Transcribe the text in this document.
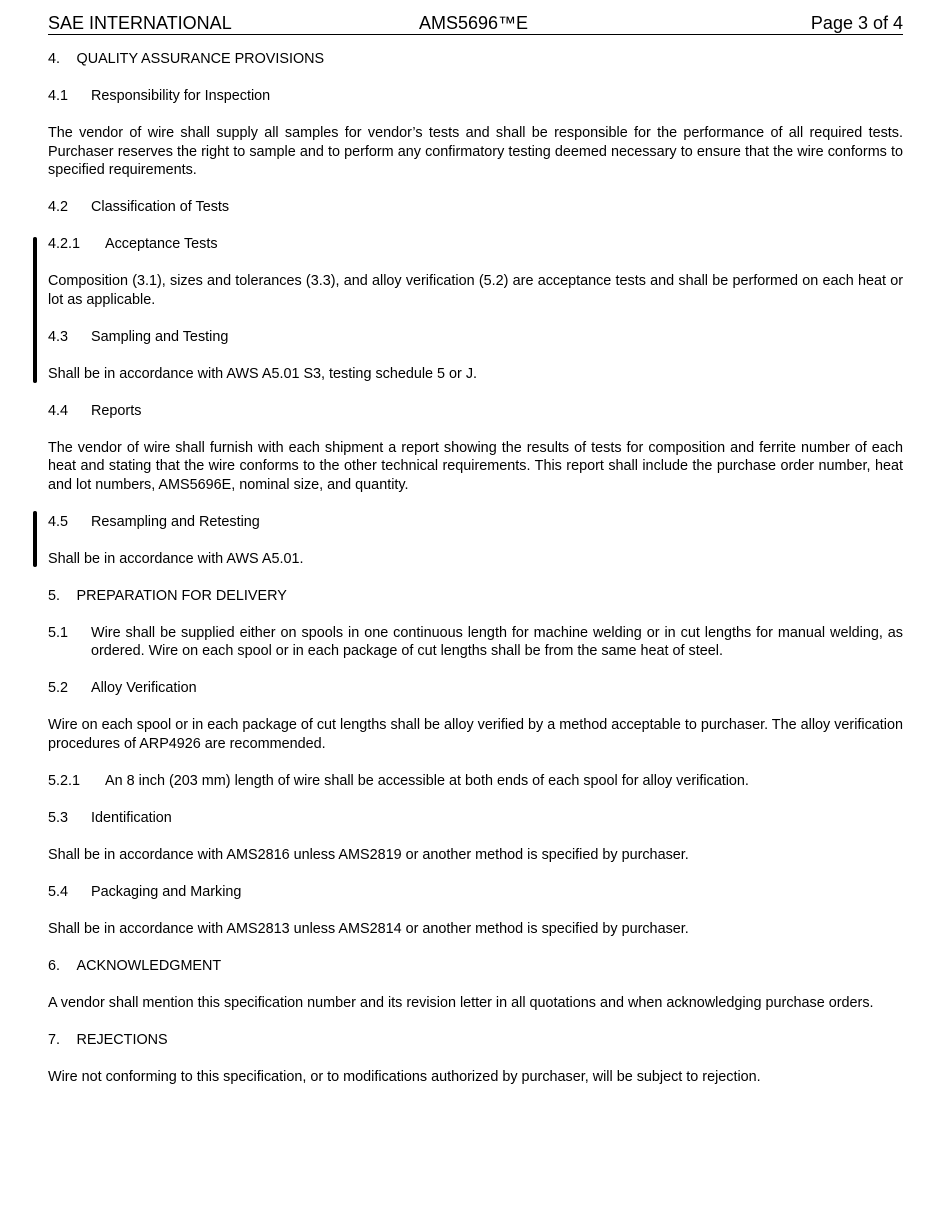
SAE INTERNATIONAL	AMS5696™E	Page 3 of 4
4. QUALITY ASSURANCE PROVISIONS
4.1 Responsibility for Inspection

The vendor of wire shall supply all samples for vendor’s tests and shall be responsible for the performance of all required tests. Purchaser reserves the right to sample and to perform any confirmatory testing deemed necessary to ensure that the wire conforms to specified requirements.

4.2 Classification of Tests
4.2.1 Acceptance Tests

Composition (3.1), sizes and tolerances (3.3), and alloy verification (5.2) are acceptance tests and shall be performed on each heat or lot as applicable.

4.3 Sampling and Testing

Shall be in accordance with AWS A5.01 S3, testing schedule 5 or J.

4.4 Reports

The vendor of wire shall furnish with each shipment a report showing the results of tests for composition and ferrite number of each heat and stating that the wire conforms to the other technical requirements. This report shall include the purchase order number, heat and lot numbers, AMS5696E, nominal size, and quantity.

4.5 Resampling and Retesting

Shall be in accordance with AWS A5.01.

5. PREPARATION FOR DELIVERY
5.1	Wire shall be supplied either on spools in one continuous length for machine welding or in cut lengths for manual welding, as ordered. Wire on each spool or in each package of cut lengths shall be from the same heat of steel.
5.2 Alloy Verification

Wire on each spool or in each package of cut lengths shall be alloy verified by a method acceptable to purchaser. The alloy verification procedures of ARP4926 are recommended.

5.2.1 An 8 inch (203 mm) length of wire shall be accessible at both ends of each spool for alloy verification.
5.3 Identification

Shall be in accordance with AMS2816 unless AMS2819 or another method is specified by purchaser.

5.4 Packaging and Marking

Shall be in accordance with AMS2813 unless AMS2814 or another method is specified by purchaser.

6. ACKNOWLEDGMENT

A vendor shall mention this specification number and its revision letter in all quotations and when acknowledging purchase orders.

7. REJECTIONS

Wire not conforming to this specification, or to modifications authorized by purchaser, will be subject to rejection.
